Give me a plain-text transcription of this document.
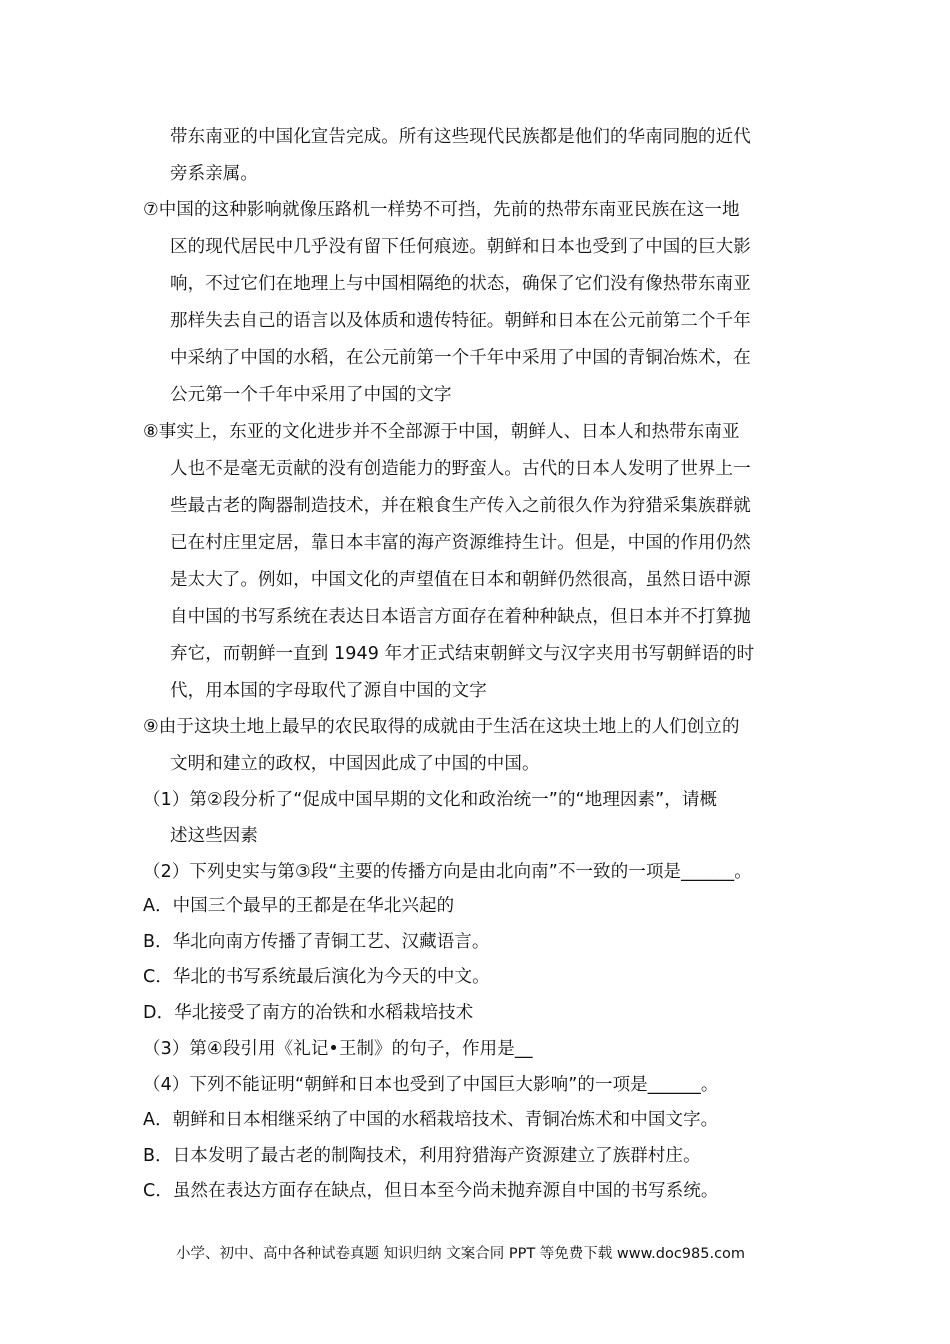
带东南亚的中国化宣告完成。所有这些现代民族都是他们的华南同胞的近代
旁系亲属。
⑦中国的这种影响就像压路机一样势不可挡，先前的热带东南亚民族在这一地
区的现代居民中几乎没有留下任何痕迹。朝鲜和日本也受到了中国的巨大影
响，不过它们在地理上与中国相隔绝的状态，确保了它们没有像热带东南亚
那样失去自己的语言以及体质和遗传特征。朝鲜和日本在公元前第二个千年
中采纳了中国的水稻，在公元前第一个千年中采用了中国的青铜冶炼术，在
公元第一个千年中采用了中国的文字
⑧事实上，东亚的文化进步并不全部源于中国，朝鲜人、日本人和热带东南亚
人也不是毫无贡献的没有创造能力的野蛮人。古代的日本人发明了世界上一
些最古老的陶器制造技术，并在粮食生产传入之前很久作为狩猎采集族群就
已在村庄里定居，靠日本丰富的海产资源维持生计。但是，中国的作用仍然
是太大了。例如，中国文化的声望值在日本和朝鲜仍然很高，虽然日语中源
自中国的书写系统在表达日本语言方面存在着种种缺点，但日本并不打算抛
弃它，而朝鲜一直到 1949 年才正式结束朝鲜文与汉字夹用书写朝鲜语的时
代，用本国的字母取代了源自中国的文字
⑨由于这块土地上最早的农民取得的成就由于生活在这块土地上的人们创立的
文明和建立的政权，中国因此成了中国的中国。
（1）第②段分析了“促成中国早期的文化和政治统一”的“地理因素”，请概
述这些因素
（2）下列史实与第③段“主要的传播方向是由北向南”不一致的一项是______。
A．中国三个最早的王都是在华北兴起的
B．华北向南方传播了青铜工艺、汉藏语言。
C．华北的书写系统最后演化为今天的中文。
D．华北接受了南方的冶铁和水稻栽培技术
（3）第④段引用《礼记•王制》的句子，作用是__
（4）下列不能证明“朝鲜和日本也受到了中国巨大影响”的一项是______。
A．朝鲜和日本相继采纳了中国的水稻栽培技术、青铜冶炼术和中国文字。
B．日本发明了最古老的制陶技术，利用狩猎海产资源建立了族群村庄。
C．虽然在表达方面存在缺点，但日本至今尚未抛弃源自中国的书写系统。
小学、初中、高中各种试卷真题 知识归纳 文案合同 PPT 等免费下载 www.doc985.com
